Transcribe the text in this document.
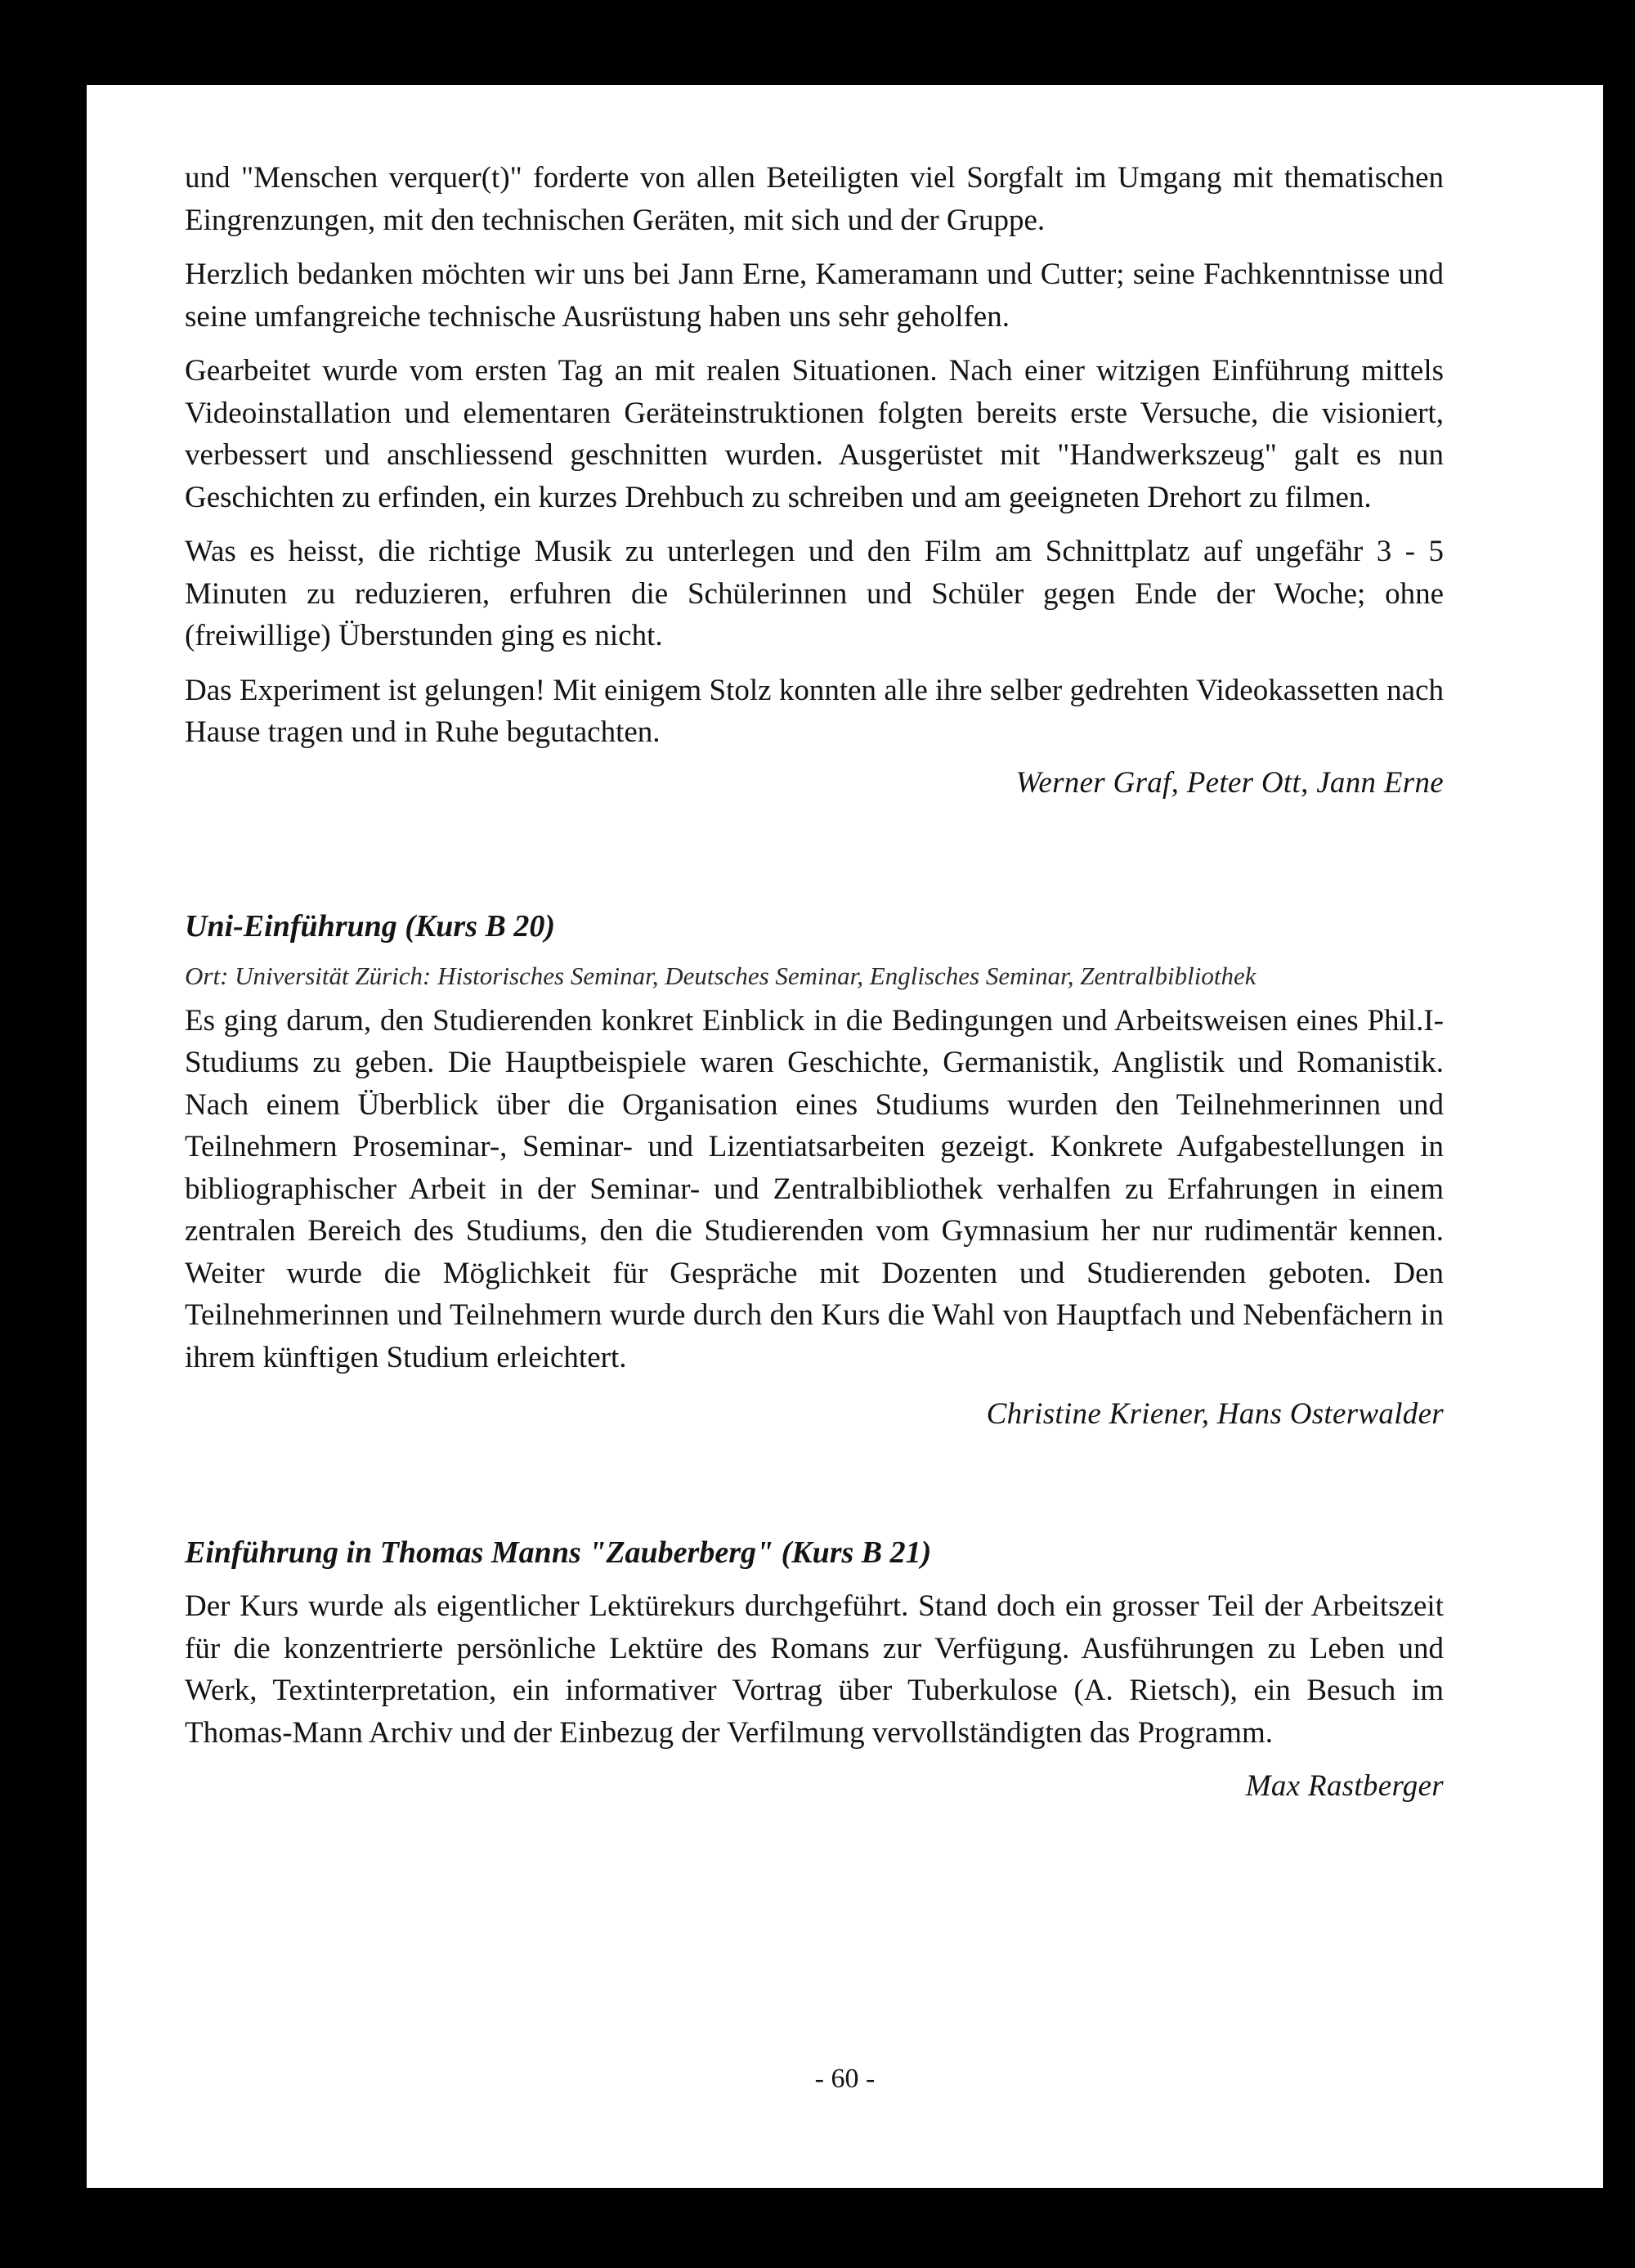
und "Menschen verquer(t)" forderte von allen Beteiligten viel Sorgfalt im Umgang mit thematischen Eingrenzungen, mit den technischen Geräten, mit sich und der Gruppe.

Herzlich bedanken möchten wir uns bei Jann Erne, Kameramann und Cutter; seine Fachkenntnisse und seine umfangreiche technische Ausrüstung haben uns sehr geholfen.

Gearbeitet wurde vom ersten Tag an mit realen Situationen. Nach einer witzigen Einführung mittels Videoinstallation und elementaren Geräteinstruktionen folgten bereits erste Versuche, die visioniert, verbessert und anschliessend geschnitten wurden. Ausgerüstet mit "Handwerkszeug" galt es nun Geschichten zu erfinden, ein kurzes Drehbuch zu schreiben und am geeigneten Drehort zu filmen.

Was es heisst, die richtige Musik zu unterlegen und den Film am Schnittplatz auf ungefähr 3 - 5 Minuten zu reduzieren, erfuhren die Schülerinnen und Schüler gegen Ende der Woche; ohne (freiwillige) Überstunden ging es nicht.

Das Experiment ist gelungen! Mit einigem Stolz konnten alle ihre selber gedrehten Videokassetten nach Hause tragen und in Ruhe begutachten.

Werner Graf, Peter Ott, Jann Erne

Uni-Einführung (Kurs B 20)

Ort: Universität Zürich: Historisches Seminar, Deutsches Seminar, Englisches Seminar, Zentralbibliothek

Es ging darum, den Studierenden konkret Einblick in die Bedingungen und Arbeitsweisen eines Phil.I-Studiums zu geben. Die Hauptbeispiele waren Geschichte, Germanistik, Anglistik und Romanistik. Nach einem Überblick über die Organisation eines Studiums wurden den Teilnehmerinnen und Teilnehmern Proseminar-, Seminar- und Lizentiatsarbeiten gezeigt. Konkrete Aufgabestellungen in bibliographischer Arbeit in der Seminar- und Zentralbibliothek verhalfen zu Erfahrungen in einem zentralen Bereich des Studiums, den die Studierenden vom Gymnasium her nur rudimentär kennen. Weiter wurde die Möglichkeit für Gespräche mit Dozenten und Studierenden geboten. Den Teilnehmerinnen und Teilnehmern wurde durch den Kurs die Wahl von Hauptfach und Nebenfächern in ihrem künftigen Studium erleichtert.

Christine Kriener, Hans Osterwalder

Einführung in Thomas Manns "Zauberberg" (Kurs B 21)

Der Kurs wurde als eigentlicher Lektürekurs durchgeführt. Stand doch ein grosser Teil der Arbeitszeit für die konzentrierte persönliche Lektüre des Romans zur Verfügung. Ausführungen zu Leben und Werk, Textinterpretation, ein informativer Vortrag über Tuberkulose (A. Rietsch), ein Besuch im Thomas-Mann Archiv und der Einbezug der Verfilmung vervollständigten das Programm.

Max Rastberger

- 60 -
